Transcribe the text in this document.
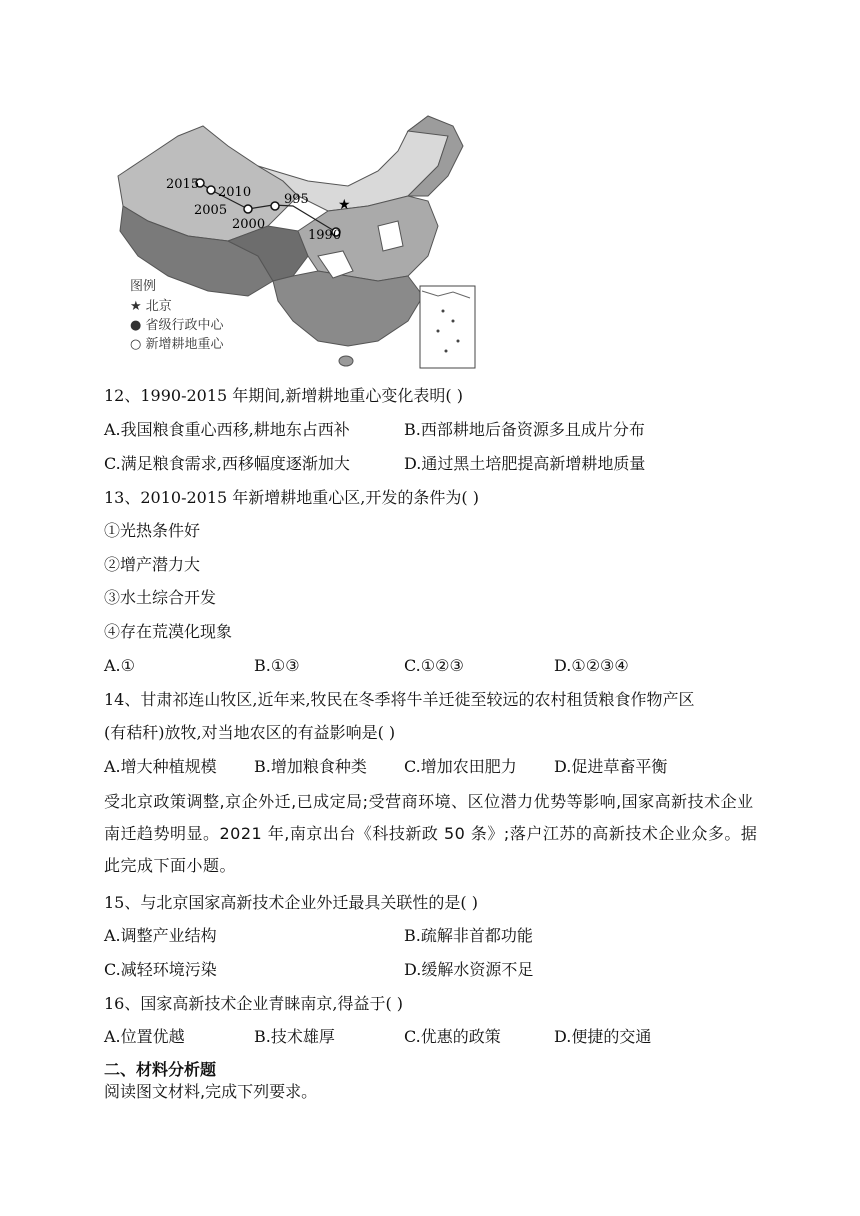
★
2015
2010
2005
2000
995
1990
图例
★ 北京
● 省级行政中心
○ 新增耕地重心
12、1990-2015 年期间,新增耕地重心变化表明( )
A.我国粮食重心西移,耕地东占西补	B.西部耕地后备资源多且成片分布
C.满足粮食需求,西移幅度逐渐加大	D.通过黑土培肥提高新增耕地质量
13、2010-2015 年新增耕地重心区,开发的条件为( )
①光热条件好
②增产潜力大
③水土综合开发
④存在荒漠化现象
A.①	B.①③	C.①②③	D.①②③④
14、甘肃祁连山牧区,近年来,牧民在冬季将牛羊迁徙至较远的农村租赁粮食作物产区
(有秸秆)放牧,对当地农区的有益影响是( )
A.增大种植规模 B.增加粮食种类 C.增加农田肥力 D.促进草畜平衡
受北京政策调整,京企外迁,已成定局;受营商环境、区位潜力优势等影响,国家高新技术企业南迁趋势明显。2021 年,南京出台《科技新政 50 条》;落户江苏的高新技术企业众多。据此完成下面小题。
15、与北京国家高新技术企业外迁最具关联性的是( )
A.调整产业结构	B.疏解非首都功能
C.减轻环境污染	D.缓解水资源不足
16、国家高新技术企业青睐南京,得益于( )
A.位置优越	B.技术雄厚	C.优惠的政策	D.便捷的交通
二、材料分析题
阅读图文材料,完成下列要求。
